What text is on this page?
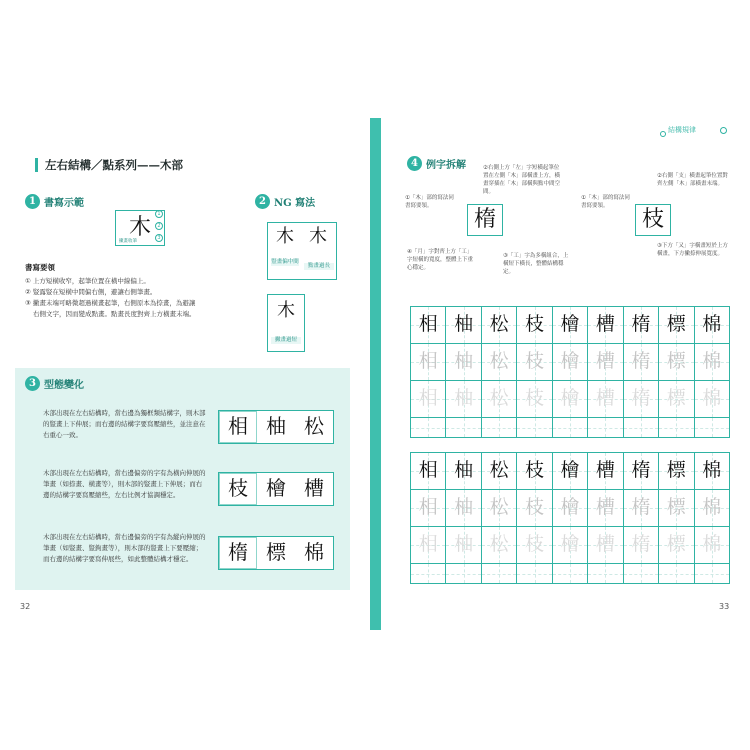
左右結構／點系列——木部
1 書寫示範
木
1
2
3
撇畫收筆
書寫要領
① 上方短橫收窄，起筆位置在橫中線偏上。
② 豎露豎在短橫中間偏右側，避讓右側筆畫。
③ 撇畫末端可略微超過橫畫起筆，右側原本為捺畫，為避讓
右側文字，因而變成點畫。點畫長度對齊上方橫畫末端。
2 NG 寫法
木 木
豎畫偏中間
點畫過長
木
撇畫過短
3 型態變化
木部出現在左右結構時，當右邊為獨框類結構字，則木部的豎畫上下伸展；而右邊的結構字要寫壓縮些，並注意在右重心一致。	相 柚 松
木部出現在左右結構時，當右邊偏旁的字有為橫向伸展的筆畫（如捺畫、橫畫等），則木部的豎畫上下伸展；而右邊的結構字要寫壓縮些，左右比例才協調穩定。	枝 檜 槽
木部出現在左右結構時，當右邊偏旁的字有為縱向伸展的筆畫（如豎畫、豎鉤畫等），則木部的豎畫上下要壓縮；而右邊的結構字要寫伸展些，如此整體結構才穩定。	楕 標 棉
32
結構規律
4 例字拆解
楕
②右側上方「左」字短橫起筆位置在左側「木」部橫畫上方，橫畫穿插在「木」部橫與點中間空間。
①「木」部的寫法同書寫要領。
④「月」字對齊上方「工」字短橫的寬度，整體上下重心穩定。
③「工」字為多橫組合，上橫短下橫長，整體結構穩定。
枝
②右側「支」橫畫起筆位置對齊左側「木」部橫畫末端。
①「木」部的寫法同書寫要領。
③下方「又」字橫畫短於上方橫畫，下方撇捺伸展寬度。
相 柚 松 枝 檜 槽 楕 標 棉
相 柚 松 枝 檜 槽 楕 標 棉
相 柚 松 枝 檜 槽 楕 標 棉
相 柚 松 枝 檜 槽 楕 標 棉
相 柚 松 枝 檜 槽 楕 標 棉
相 柚 松 枝 檜 槽 楕 標 棉
33
